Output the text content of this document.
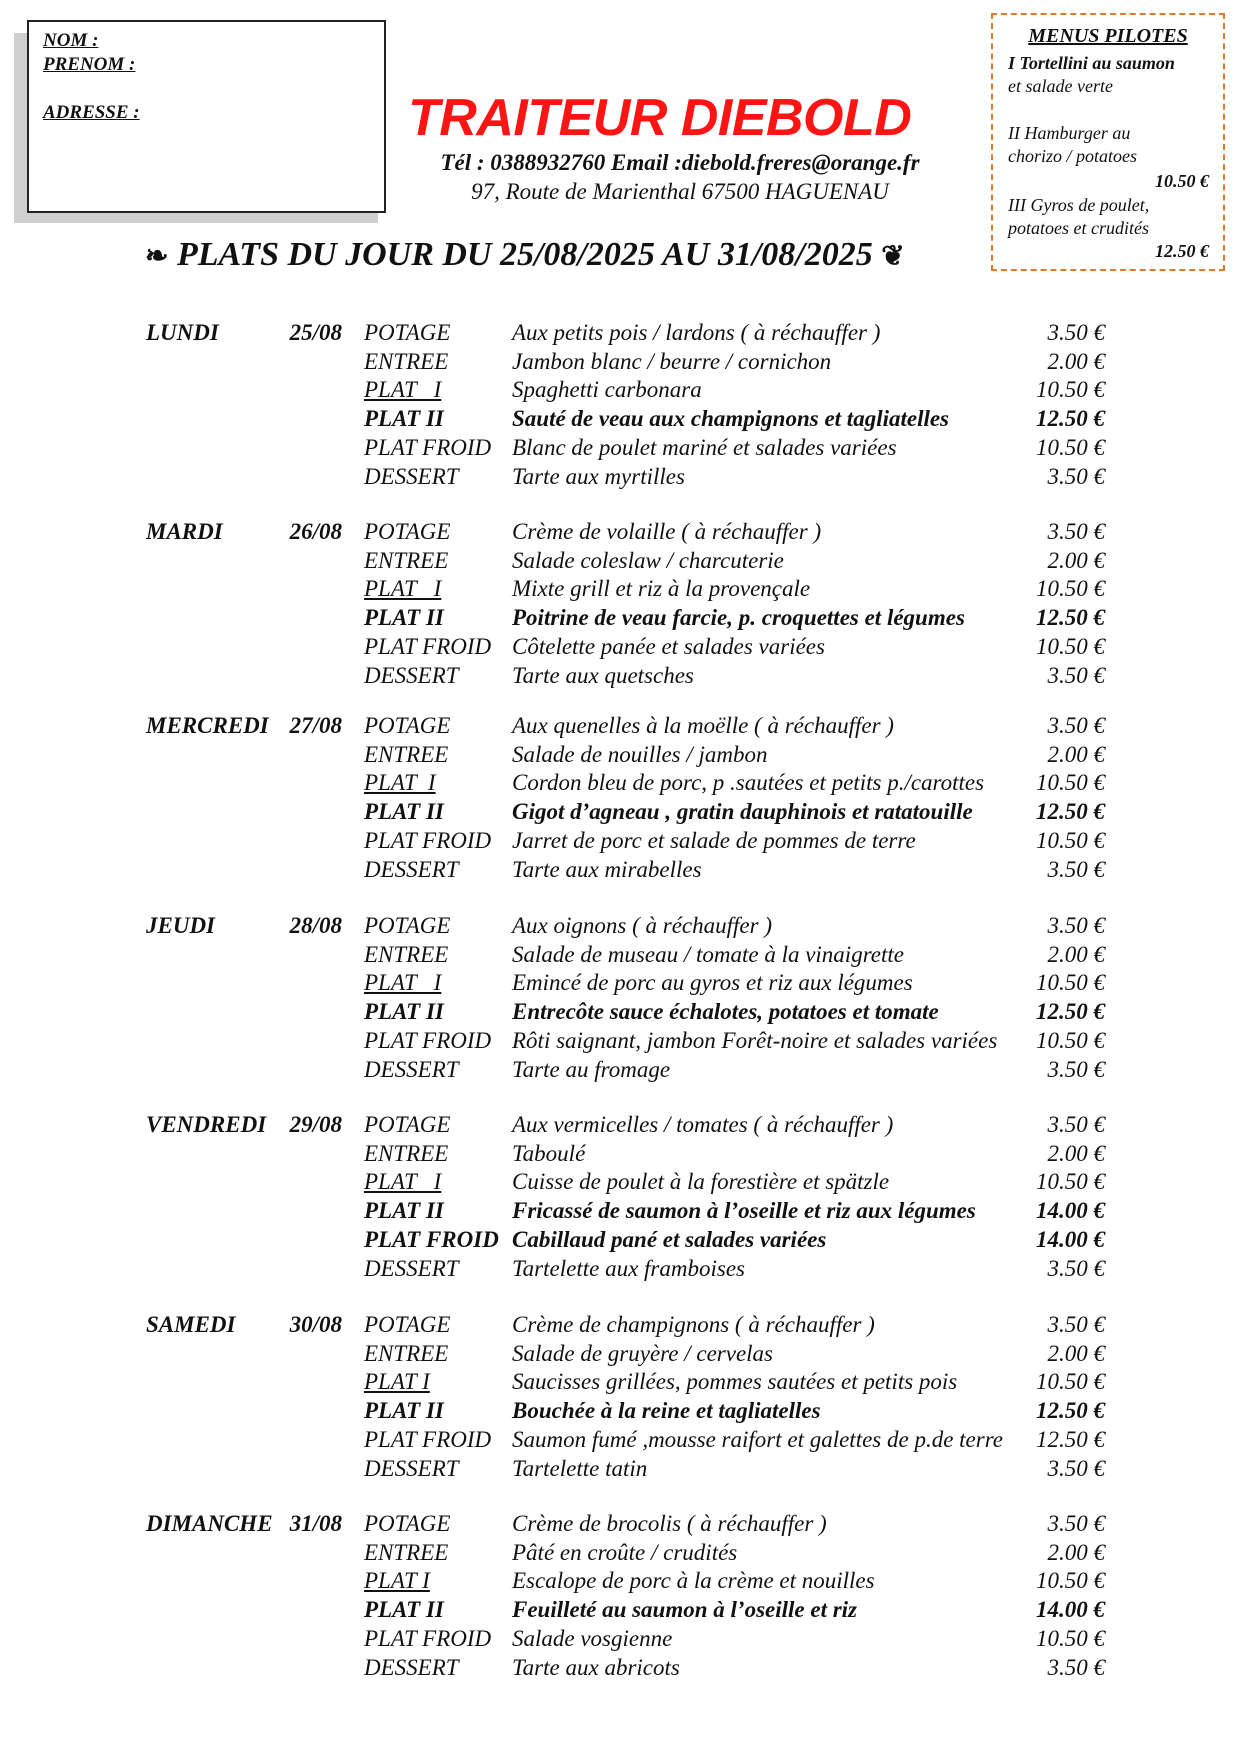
NOM :
PRENOM :
ADRESSE :	TRAITEUR DIEBOLD
Tél : 0388932760 Email :diebold.freres@orange.fr
97, Route de Marienthal 67500 HAGUENAU
MENUS PILOTES
I Tortellini au saumon
et salade verte
II Hamburger au
chorizo / potatoes
10.50 €
III Gyros de poulet,
potatoes et crudités
12.50 €
❧ PLATS DU JOUR DU 25/08/2025 AU 31/08/2025 ❦
LUNDI	25/08 POTAGE	Aux petits pois / lardons ( à réchauffer )	3.50 €
ENTREE	Jambon blanc / beurre / cornichon	2.00 €
PLAT   I	Spaghetti carbonara	10.50 €
PLAT II	Sauté de veau aux champignons et tagliatelles	12.50 €
PLAT FROID Blanc de poulet mariné et salades variées	10.50 €
DESSERT Tarte aux myrtilles	3.50 €
MARDI	26/08 POTAGE	Crème de volaille ( à réchauffer )	3.50 €
ENTREE	Salade coleslaw / charcuterie	2.00 €
PLAT   I	Mixte grill et riz à la provençale	10.50 €
PLAT II	Poitrine de veau farcie, p. croquettes et légumes	12.50 €
PLAT FROID Côtelette panée et salades variées	10.50 €
DESSERT Tarte aux quetsches	3.50 €
MERCREDI 27/08 POTAGE	Aux quenelles à la moëlle ( à réchauffer )	3.50 €
ENTREE	Salade de nouilles / jambon	2.00 €
PLAT  I	Cordon bleu de porc, p .sautées et petits p./carottes 10.50 €
PLAT II	Gigot d’agneau , gratin dauphinois et ratatouille	12.50 €
PLAT FROID Jarret de porc et salade de pommes de terre	10.50 €
DESSERT Tarte aux mirabelles	3.50 €
JEUDI	28/08 POTAGE	Aux oignons ( à réchauffer )	3.50 €
ENTREE	Salade de museau / tomate à la vinaigrette	2.00 €
PLAT   I	Emincé de porc au gyros et riz aux légumes	10.50 €
PLAT II	Entrecôte sauce échalotes, potatoes et tomate	12.50 €
PLAT FROID Rôti saignant, jambon Forêt-noire et salades variées 10.50 €
DESSERT Tarte au fromage	3.50 €
VENDREDI	29/08 POTAGE	Aux vermicelles / tomates ( à réchauffer )	3.50 €
ENTREE	Taboulé	2.00 €
PLAT   I	Cuisse de poulet à la forestière et spätzle	10.50 €
PLAT II	Fricassé de saumon à l’oseille et riz aux légumes	14.00 €
PLAT FROID Cabillaud pané et salades variées	14.00 €
DESSERT Tartelette aux framboises	3.50 €
SAMEDI	30/08 POTAGE	Crème de champignons ( à réchauffer )	3.50 €
ENTREE	Salade de gruyère / cervelas	2.00 €
PLAT I	Saucisses grillées, pommes sautées et petits pois	10.50 €
PLAT II	Bouchée à la reine et tagliatelles	12.50 €
PLAT FROID Saumon fumé ,mousse raifort et galettes de p.de terre 12.50 €
DESSERT Tartelette tatin	3.50 €
DIMANCHE 31/08 POTAGE	Crème de brocolis ( à réchauffer )	3.50 €
ENTREE	Pâté en croûte / crudités	2.00 €
PLAT I	Escalope de porc à la crème et nouilles	10.50 €
PLAT II	Feuilleté au saumon à l’oseille et riz	14.00 €
PLAT FROID Salade vosgienne	10.50 €
DESSERT Tarte aux abricots	3.50 €
